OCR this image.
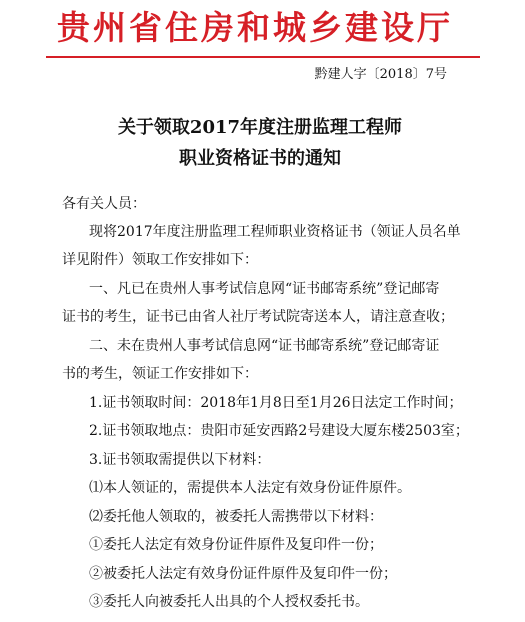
贵州省住房和城乡建设厅
黔建人字〔2018〕7号
关于领取2017年度注册监理工程师
职业资格证书的通知
各有关人员：
现将2017年度注册监理工程师职业资格证书（领证人员名单
详见附件）领取工作安排如下：
一、凡已在贵州人事考试信息网“证书邮寄系统”登记邮寄
证书的考生，证书已由省人社厅考试院寄送本人，请注意查收；
二、未在贵州人事考试信息网“证书邮寄系统”登记邮寄证
书的考生，领证工作安排如下：
1.证书领取时间：2018年1月8日至1月26日法定工作时间；
2.证书领取地点：贵阳市延安西路2号建设大厦东楼2503室；
3.证书领取需提供以下材料：
⑴本人领证的，需提供本人法定有效身份证件原件。
⑵委托他人领取的，被委托人需携带以下材料：
①委托人法定有效身份证件原件及复印件一份；
②被委托人法定有效身份证件原件及复印件一份；
③委托人向被委托人出具的个人授权委托书。
